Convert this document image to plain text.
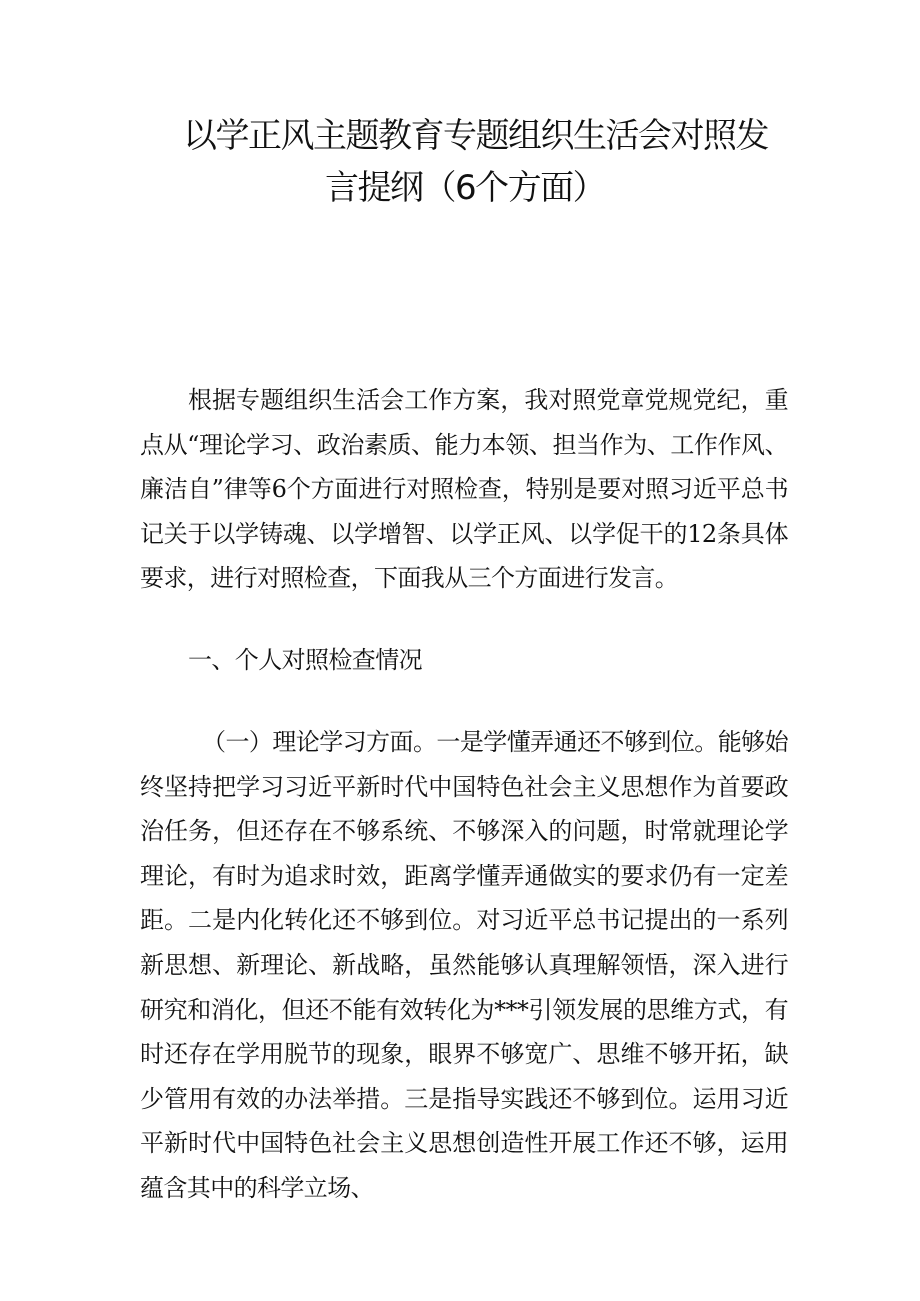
以学正风主题教育专题组织生活会对照发
言提纲（6个方面）

根据专题组织生活会工作方案，我对照党章党规党纪，重点从“理论学习、政治素质、能力本领、担当作为、工作作风、廉洁自”律等6个方面进行对照检查，特别是要对照习近平总书记关于以学铸魂、以学增智、以学正风、以学促干的12条具体要求，进行对照检查，下面我从三个方面进行发言。

一、个人对照检查情况

（一）理论学习方面。一是学懂弄通还不够到位。能够始终坚持把学习习近平新时代中国特色社会主义思想作为首要政治任务，但还存在不够系统、不够深入的问题，时常就理论学理论，有时为追求时效，距离学懂弄通做实的要求仍有一定差距。二是内化转化还不够到位。对习近平总书记提出的一系列新思想、新理论、新战略，虽然能够认真理解领悟，深入进行研究和消化，但还不能有效转化为***引领发展的思维方式，有时还存在学用脱节的现象，眼界不够宽广、思维不够开拓，缺少管用有效的办法举措。三是指导实践还不够到位。运用习近平新时代中国特色社会主义思想创造性开展工作还不够，运用蕴含其中的科学立场、
